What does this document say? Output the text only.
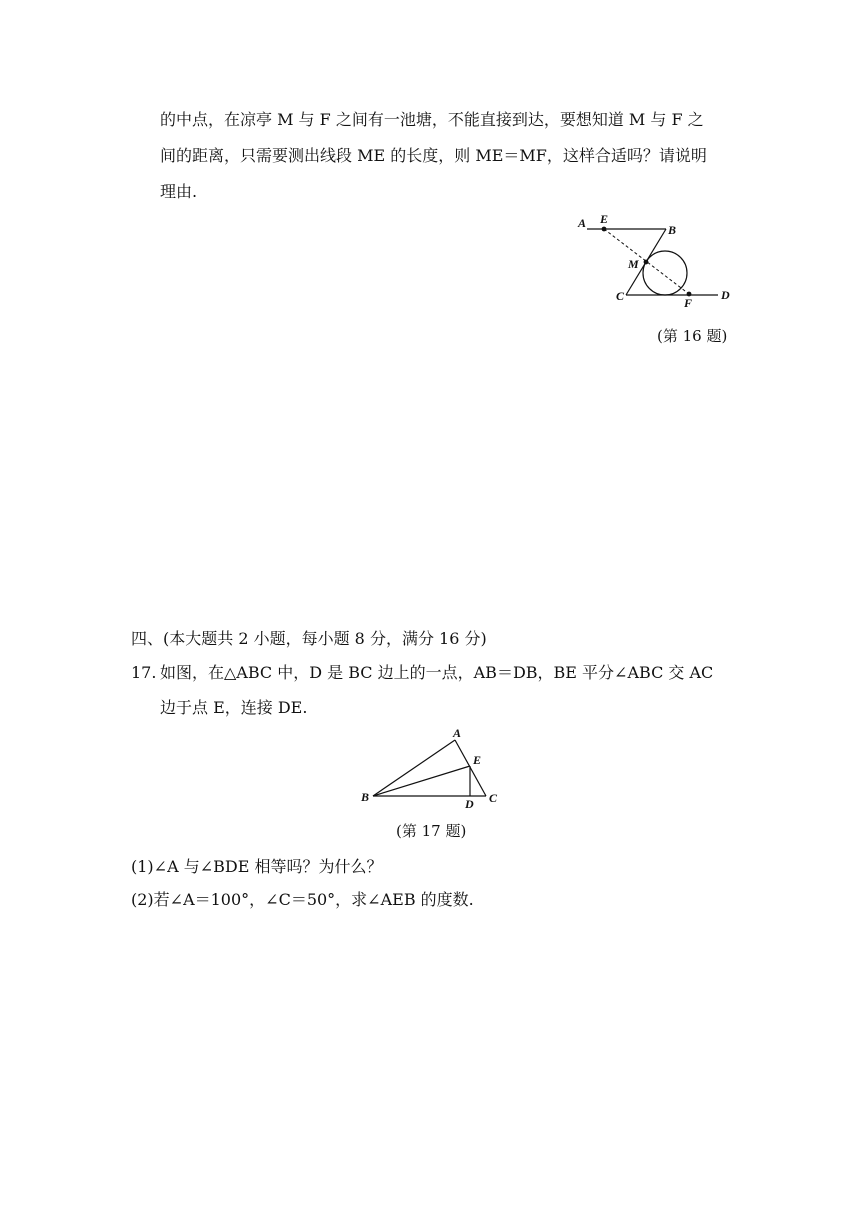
的中点，在凉亭 M 与 F 之间有一池塘，不能直接到达，要想知道 M 与 F 之
间的距离，只需要测出线段 ME 的长度，则 ME＝MF，这样合适吗？请说明
理由.
A E
B
M
C	F
D
(第 16 题)
四、(本大题共 2 小题，每小题 8 分，满分 16 分)
17. 如图，在△ABC 中，D 是 BC 边上的一点，AB＝DB，BE 平分∠ABC 交 AC
边于点 E，连接 DE.
A
E
B	D C
(第 17 题)
(1)∠A 与∠BDE 相等吗？为什么？
(2)若∠A＝100°，∠C＝50°，求∠AEB 的度数.
